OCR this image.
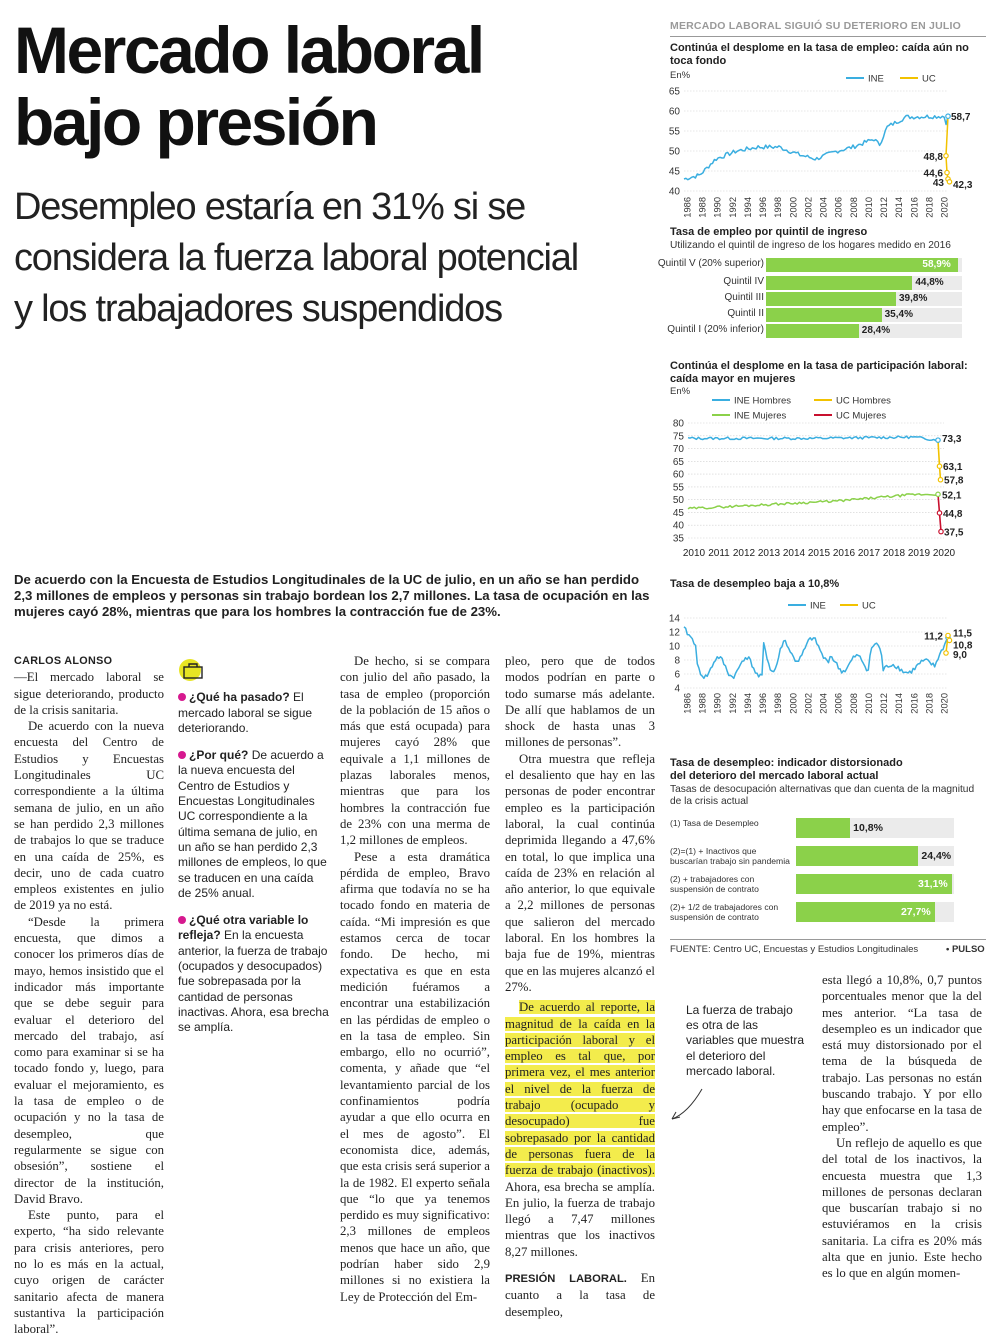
Mercado laboral
bajo presión
Desempleo estaría en 31% si se
considera la fuerza laboral potencial
y los trabajadores suspendidos
De acuerdo con la Encuesta de Estudios Longitudinales de la UC de julio, en un año se han perdido 2,3 millones de empleos y personas sin trabajo bordean los 2,7 millones. La tasa de ocupación en las mujeres cayó 28%, mientras que para los hombres la contracción fue de 23%.

CARLOS ALONSO

—El mercado laboral se sigue deteriorando, producto de la crisis sanitaria.

De acuerdo con la nueva encuesta del Centro de Estudios y Encuestas Longitudinales UC correspondiente a la última semana de julio, en un año se han perdido 2,3 millones de trabajos lo que se traduce en una caída de 25%, es decir, uno de cada cuatro empleos existentes en julio de 2019 ya no está.

“Desde la primera encuesta, que dimos a conocer los primeros días de mayo, hemos insistido que el indicador más importante que se debe seguir para evaluar el deterioro del mercado del trabajo, así como para examinar si se ha tocado fondo y, luego, para evaluar el mejoramiento, es la tasa de empleo o de ocupación y no la tasa de desempleo, que regularmente se sigue con obsesión”, sostiene el director de la institución, David Bravo.

Este punto, para el experto, “ha sido relevante para crisis anteriores, pero no lo es más en la actual, cuyo origen de carácter sanitario afecta de manera sustantiva la participación laboral”.

¿Qué ha pasado? El mercado laboral se sigue deteriorando.
¿Por qué? De acuerdo a la nueva encuesta del Centro de Estudios y Encuestas Longitudinales UC correspondiente a la última semana de julio, en un año se han perdido 2,3 millones de empleos, lo que se traducen en una caída de 25% anual.
¿Qué otra variable lo refleja? En la encuesta anterior, la fuerza de trabajo (ocupados y desocupados) fue sobrepasada por la cantidad de personas inactivas. Ahora, esa brecha se amplía.

De hecho, si se compara con julio del año pasado, la tasa de empleo (proporción de la población de 15 años o más que está ocupada) para mujeres cayó 28% que equivale a 1,1 millones de plazas laborales menos, mientras que para los hombres la contracción fue de 23% con una merma de 1,2 millones de empleos.

Pese a esta dramática pérdida de empleo, Bravo afirma que todavía no se ha tocado fondo en materia de caída. “Mi impresión es que estamos cerca de tocar fondo. De hecho, mi expectativa es que en esta medición fuéramos a encontrar una estabilización en las pérdidas de empleo o en la tasa de empleo. Sin embargo, ello no ocurrió”, comenta, y añade que “el levantamiento parcial de los confinamientos podría ayudar a que ello ocurra en el mes de agosto”. El economista dice, además, que esta crisis será superior a la de 1982. El experto señala que “lo que ya tenemos perdido es muy significativo: 2,3 millones de empleos menos que hace un año, que podrían haber sido 2,9 millones si no existiera la Ley de Protección del Em-

pleo, pero que de todos modos podrían en parte o todo sumarse más adelante. De allí que hablamos de un shock de hasta unas 3 millones de personas”.

Otra muestra que refleja el desaliento que hay en las personas de poder encontrar empleo es la participación laboral, la cual continúa deprimida llegando a 47,6% en total, lo que implica una caída de 23% en relación al año anterior, lo que equivale a 2,2 millones de personas que salieron del mercado laboral. En los hombres la baja fue de 19%, mientras que en las mujeres alcanzó el 27%.

De acuerdo al reporte, la magnitud de la caída en la participación laboral y el empleo es tal que, por primera vez, el mes anterior el nivel de la fuerza de trabajo (ocupado y desocupado) fue sobrepasado por la cantidad de personas fuera de la fuerza de trabajo (inactivos). Ahora, esa brecha se amplía. En julio, la fuerza de trabajo llegó a 7,47 millones mientras que los inactivos 8,27 millones.

PRESIÓN LABORAL. En cuanto a la tasa de desempleo,

La fuerza de trabajo es otra de las variables que muestra el deterioro del mercado laboral.

esta llegó a 10,8%, 0,7 puntos porcentuales menor que la del mes anterior. “La tasa de desempleo es un indicador que está muy distorsionado por el tema de la búsqueda de trabajo. Las personas no están buscando trabajo. Y por ello hay que enfocarse en la tasa de empleo”.

Un reflejo de aquello es que del total de los inactivos, la encuesta muestra que 1,3 millones de personas declaran que buscarían trabajo si no estuviéramos en la crisis sanitaria. La cifra es 20% más alta que en junio. Este hecho es lo que en algún momen-

MERCADO LABORAL SIGUIÓ SU DETERIORO EN JULIO
Continúa el desplome en la tasa de empleo: caída aún no toca fondo
En%	INE	UC
65
60
55
50
45
40
58,7
48,8
44,6
43 42,3
1986 1988 1990 1992 1994 1996 1998 2000 2002 2004 2006 2008 2010 2012 2014 2016 2018 2020
Tasa de empleo por quintil de ingreso
Utilizando el quintil de ingreso de los hogares medido en 2016
Quintil V (20% superior)	58,9%
Quintil IV	44,8%
Quintil III	39,8%
Quintil II	35,4%
Quintil I (20% inferior)	28,4%
Continúa el desplome en la tasa de participación laboral: caída mayor en mujeres
En%
INE Hombres	UC Hombres
INE Mujeres	UC Mujeres
80
75
70
65
60
55
50
45
40
35
73,3
63,1
57,8
52,1
44,8
37,5
2010 2011 2012 2013 2014 2015 2016 2017 2018 2019 2020
Tasa de desempleo baja a 10,8%
INE	UC
14
12
10
8
6
4
11,2 11,5
10,8
9,0
1986 1988 1990 1992 1994 1996 1998 2000 2002 2004 2006 2008 2010 2012 2014 2016 2018 2020
Tasa de desempleo: indicador distorsionado
del deterioro del mercado laboral actual
Tasas de desocupación alternativas que dan cuenta de la magnitud de la crisis actual
(1) Tasa de Desempleo	10,8%
(2)=(1) + Inactivos que buscarían trabajo sin pandemia	24,4%
(2) + trabajadores con suspensión de contrato	31,1%
(2)+ 1/2 de trabajadores con suspensión de contrato	27,7%
FUENTE: Centro UC, Encuestas y Estudios Longitudinales	• PULSO
